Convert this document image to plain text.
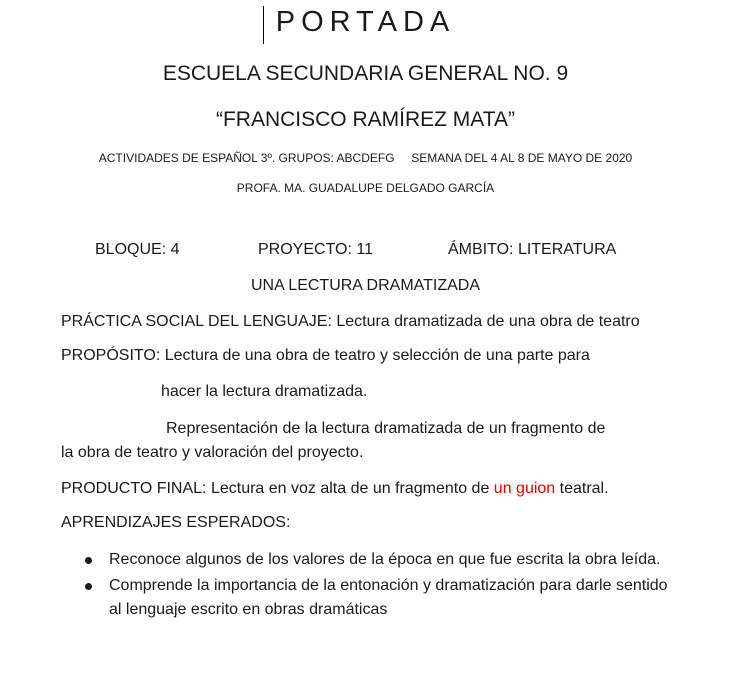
PORTADA
ESCUELA SECUNDARIA GENERAL NO. 9
“FRANCISCO RAMÍREZ MATA”
ACTIVIDADES DE ESPAÑOL 3º. GRUPOS: ABCDEFG     SEMANA DEL 4 AL 8 DE MAYO DE 2020
PROFA. MA. GUADALUPE DELGADO GARCÍA
BLOQUE: 4	PROYECTO: 11	ÁMBITO: LITERATURA
UNA LECTURA DRAMATIZADA
PRÁCTICA SOCIAL DEL LENGUAJE: Lectura dramatizada de una obra de teatro
PROPÓSITO: Lectura de una obra de teatro y selección de una parte para
hacer la lectura dramatizada.
Representación de la lectura dramatizada de un fragmento de
la obra de teatro y valoración del proyecto.
PRODUCTO FINAL: Lectura en voz alta de un fragmento de un guion teatral.
APRENDIZAJES ESPERADOS:
Reconoce algunos de los valores de la época en que fue escrita la obra leída.
Comprende la importancia de la entonación y dramatización para darle sentido al lenguaje escrito en obras dramáticas
